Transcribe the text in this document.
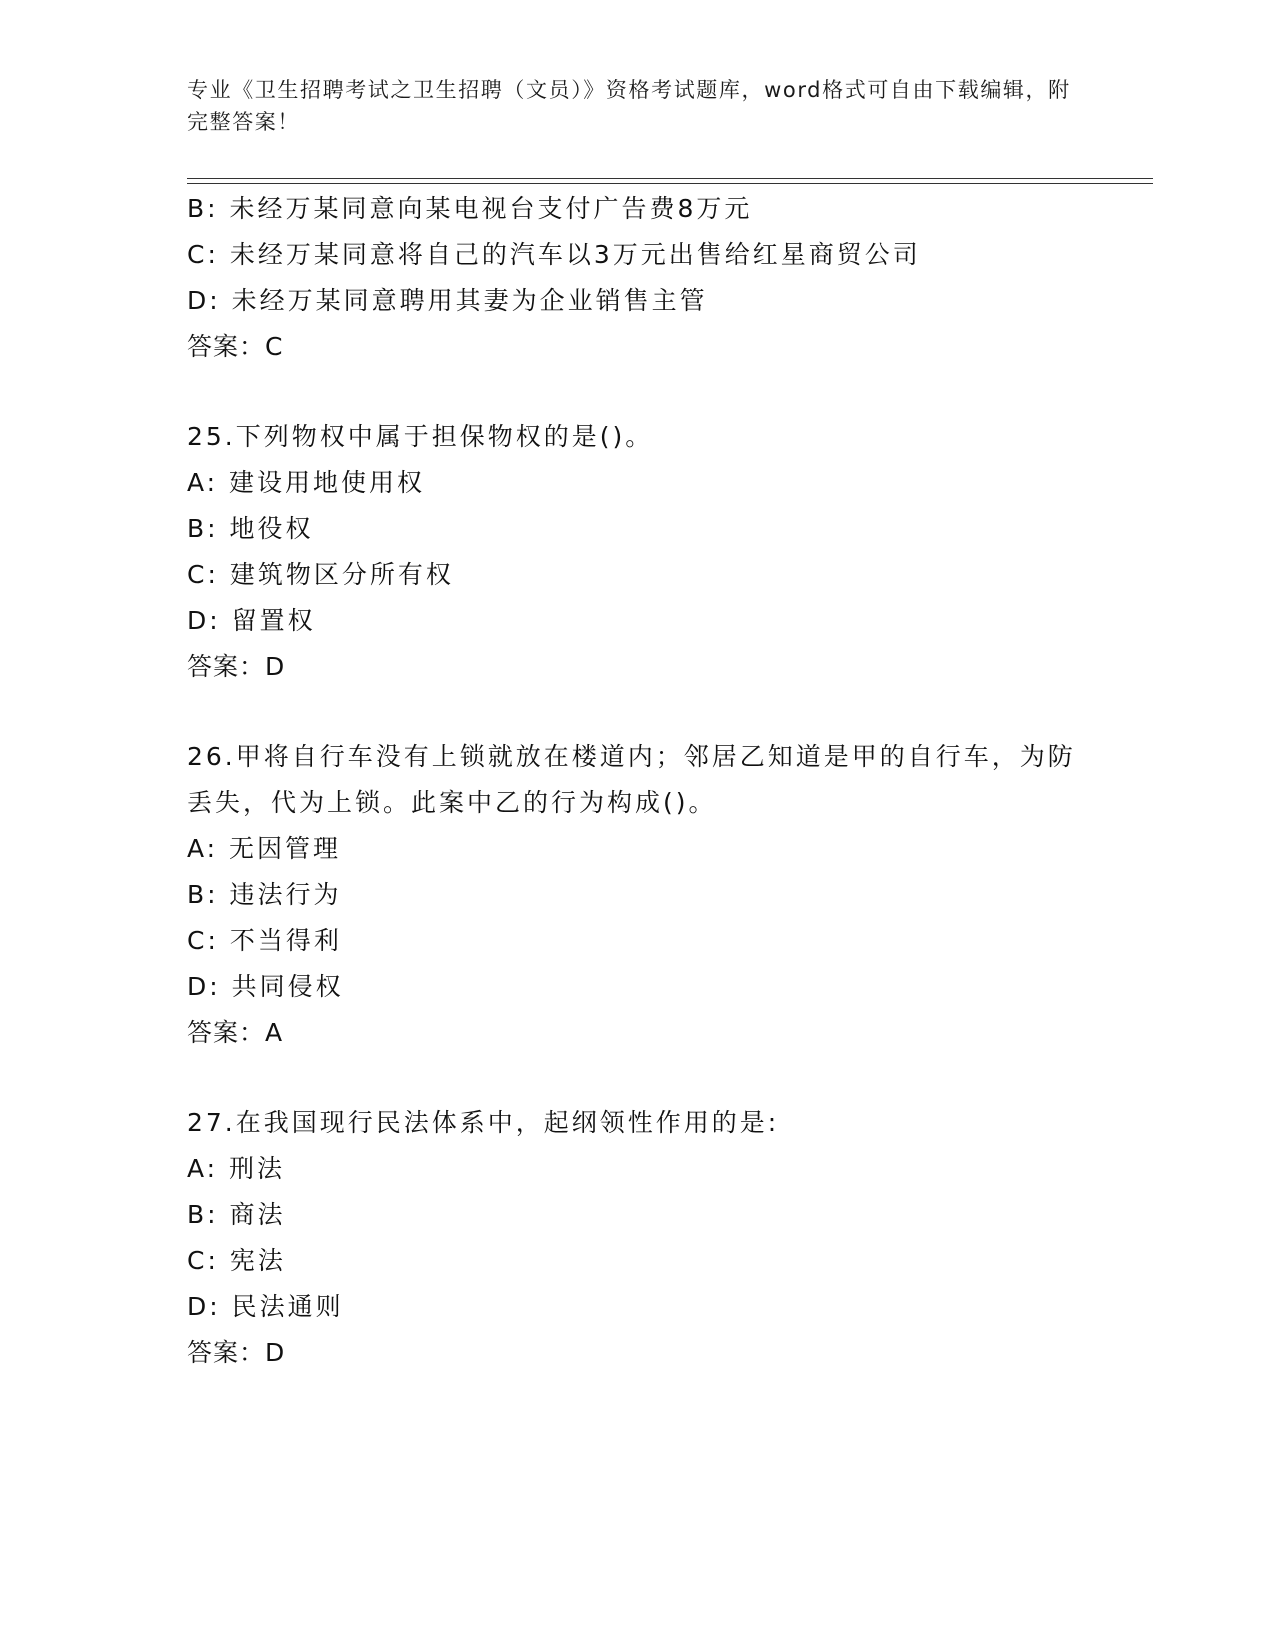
专业《卫生招聘考试之卫生招聘（文员）》资格考试题库，word格式可自由下载编辑，附完整答案！

B: 未经万某同意向某电视台支付广告费8万元

C: 未经万某同意将自己的汽车以3万元出售给红星商贸公司

D: 未经万某同意聘用其妻为企业销售主管

答案：C

25.下列物权中属于担保物权的是()。

A: 建设用地使用权

B: 地役权

C: 建筑物区分所有权

D: 留置权

答案：D

26.甲将自行车没有上锁就放在楼道内；邻居乙知道是甲的自行车，为防丢失，代为上锁。此案中乙的行为构成()。

A: 无因管理

B: 违法行为

C: 不当得利

D: 共同侵权

答案：A

27.在我国现行民法体系中，起纲领性作用的是:

A: 刑法

B: 商法

C: 宪法

D: 民法通则

答案：D
